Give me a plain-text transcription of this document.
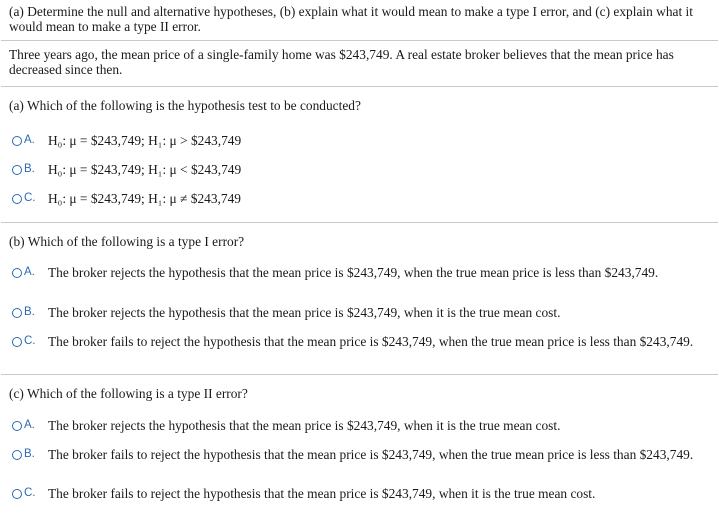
(a) Determine the null and alternative hypotheses, (b) explain what it would mean to make a type I error, and (c) explain what it would mean to make a type II error.
Three years ago, the mean price of a single-family home was $243,749. A real estate broker believes that the mean price has decreased since then.
(a) Which of the following is the hypothesis test to be conducted?
A. H₀: μ = $243,749; H₁: μ > $243,749
B. H₀: μ = $243,749; H₁: μ < $243,749
C. H₀: μ = $243,749; H₁: μ ≠ $243,749
(b) Which of the following is a type I error?
A. The broker rejects the hypothesis that the mean price is $243,749, when the true mean price is less than $243,749.
B. The broker rejects the hypothesis that the mean price is $243,749, when it is the true mean cost.
C. The broker fails to reject the hypothesis that the mean price is $243,749, when the true mean price is less than $243,749.
(c) Which of the following is a type II error?
A. The broker rejects the hypothesis that the mean price is $243,749, when it is the true mean cost.
B. The broker fails to reject the hypothesis that the mean price is $243,749, when the true mean price is less than $243,749.
C. The broker fails to reject the hypothesis that the mean price is $243,749, when it is the true mean cost.
